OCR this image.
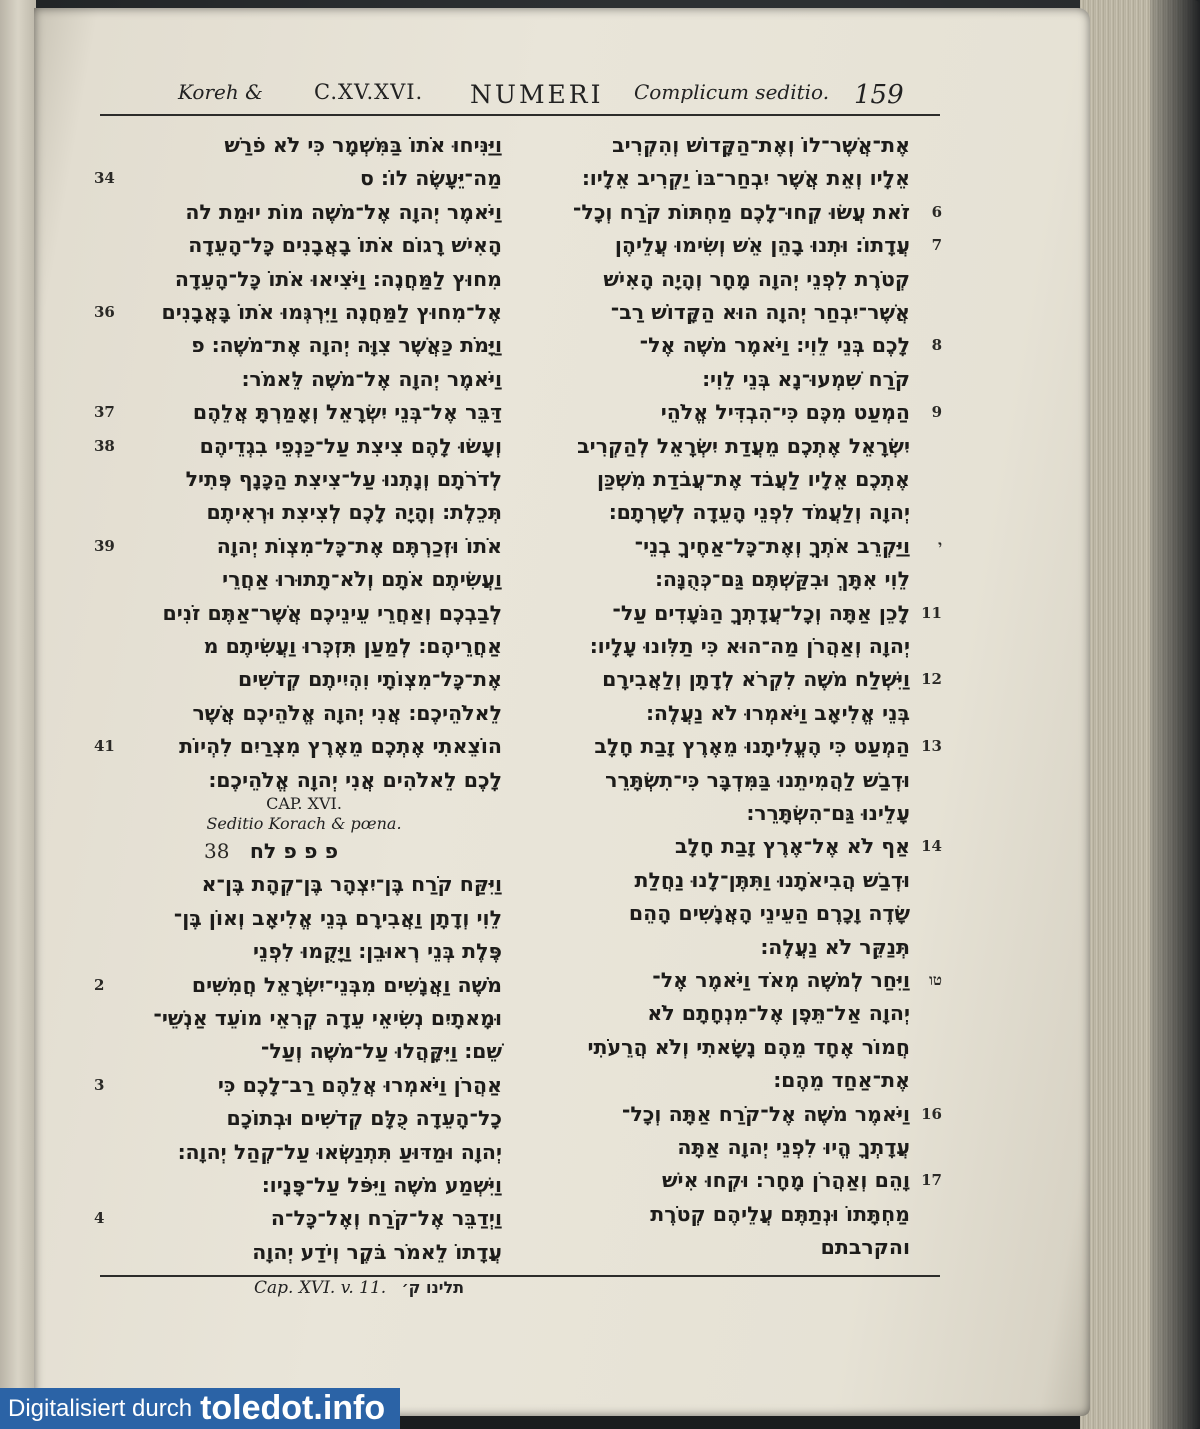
Koreh & C.XV.XVI. NUMERI Complicum seditio. 159
וַיַּנִּיחוּ אֹתוֹ בַּמִּשְׁמָר כִּי לֹא פֹרַשׁ
מַה־יֵּעָשֶׂה לוֹ׃ ס
34
וַיֹּאמֶר יְהוָה אֶל־מֹשֶׁה מוֹת יוּמַת לה
הָאִישׁ רָגוֹם אֹתוֹ בָאֲבָנִים כָּל־הָעֵדָה
מִחוּץ לַמַּחֲנֶה׃ וַיֹּצִיאוּ אֹתוֹ כָּל־הָעֵדָה
אֶל־מִחוּץ לַמַּחֲנֶה וַיִּרְגְּמוּ אֹתוֹ בָּאֲבָנִים
36
וַיָּמֹת כַּאֲשֶׁר צִוָּה יְהוָה אֶת־מֹשֶׁה׃ פ
וַיֹּאמֶר יְהוָה אֶל־מֹשֶׁה לֵּאמֹר׃
דַּבֵּר אֶל־בְּנֵי יִשְׂרָאֵל וְאָמַרְתָּ אֲלֵהֶם
37
וְעָשׂוּ לָהֶם צִיצִת עַל־כַּנְפֵי בִגְדֵיהֶם
38
לְדֹרֹתָם וְנָתְנוּ עַל־צִיצִת הַכָּנָף פְּתִיל
תְּכֵלֶת׃ וְהָיָה לָכֶם לְצִיצִת וּרְאִיתֶם
אֹתוֹ וּזְכַרְתֶּם אֶת־כָּל־מִצְוֹת יְהוָה
39
וַעֲשִׂיתֶם אֹתָם וְלֹא־תָתוּרוּ אַחֲרֵי
לְבַבְכֶם וְאַחֲרֵי עֵינֵיכֶם אֲשֶׁר־אַתֶּם זֹנִים
אַחֲרֵיהֶם׃ לְמַעַן תִּזְכְּרוּ וַעֲשִׂיתֶם מ
אֶת־כָּל־מִצְוֹתָי וִהְיִיתֶם קְדֹשִׁים
לֵאלֹהֵיכֶם׃ אֲנִי יְהוָה אֱלֹהֵיכֶם אֲשֶׁר
הוֹצֵאתִי אֶתְכֶם מֵאֶרֶץ מִצְרַיִם לִהְיוֹת
41
לָכֶם לֵאלֹהִים אֲנִי יְהוָה אֱלֹהֵיכֶם׃
CAP. XVI.
Seditio Korach & pœna.
פ פ פ לח
38
וַיִּקַּח קֹרַח בֶּן־יִצְהָר בֶּן־קְהָת בֶּן־א
לֵוִי וְדָתָן וַאֲבִירָם בְּנֵי אֱלִיאָב וְאוֹן בֶּן־
פֶּלֶת בְּנֵי רְאוּבֵן׃ וַיָּקֻמוּ לִפְנֵי
מֹשֶׁה וַאֲנָשִׁים מִבְּנֵי־יִשְׂרָאֵל חֲמִשִּׁים
2
וּמָאתָיִם נְשִׂיאֵי עֵדָה קְרִאֵי מוֹעֵד אַנְשֵׁי־
שֵׁם׃ וַיִּקָּהֲלוּ עַל־מֹשֶׁה וְעַל־
אַהֲרֹן וַיֹּאמְרוּ אֲלֵהֶם רַב־לָכֶם כִּי
3
כָל־הָעֵדָה כֻּלָּם קְדֹשִׁים וּבְתוֹכָם
יְהוָה וּמַדּוּעַ תִּתְנַשְּׂאוּ עַל־קְהַל יְהוָה׃
וַיִּשְׁמַע מֹשֶׁה וַיִּפֹּל עַל־פָּנָיו׃
וַיְדַבֵּר אֶל־קֹרַח וְאֶל־כָּל־ה
4
עֲדָתוֹ לֵאמֹר בֹּקֶר וְיֹדַע יְהוָה
אֶת־אֲשֶׁר־לוֹ וְאֶת־הַקָּדוֹשׁ וְהִקְרִיב
אֵלָיו וְאֵת אֲשֶׁר יִבְחַר־בּוֹ יַקְרִיב אֵלָיו׃
זֹאת עֲשׂוּ קְחוּ־לָכֶם מַחְתּוֹת קֹרַח וְכָל־ 6
עֲדָתוֹ׃ וּתְנוּ בָהֵן אֵשׁ וְשִׂימוּ עֲלֵיהֶן 7
קְטֹרֶת לִפְנֵי יְהוָה מָחָר וְהָיָה הָאִישׁ
אֲשֶׁר־יִבְחַר יְהוָה הוּא הַקָּדוֹשׁ רַב־
לָכֶם בְּנֵי לֵוִי׃ וַיֹּאמֶר מֹשֶׁה אֶל־ 8
קֹרַח שִׁמְעוּ־נָא בְּנֵי לֵוִי׃
הַמְעַט מִכֶּם כִּי־הִבְדִּיל אֱלֹהֵי 9
יִשְׂרָאֵל אֶתְכֶם מֵעֲדַת יִשְׂרָאֵל לְהַקְרִיב
אֶתְכֶם אֵלָיו לַעֲבֹד אֶת־עֲבֹדַת מִשְׁכַּן
יְהוָה וְלַעֲמֹד לִפְנֵי הָעֵדָה לְשָׁרְתָם׃
וַיַּקְרֵב אֹתְךָ וְאֶת־כָּל־אַחֶיךָ בְנֵי־ י
לֵוִי אִתָּךְ וּבִקַּשְׁתֶּם גַּם־כְּהֻנָּה׃
לָכֵן אַתָּה וְכָל־עֲדָתְךָ הַנֹּעָדִים עַל־ 11
יְהוָה וְאַהֲרֹן מַה־הוּא כִּי תַלִּונוּ עָלָיו׃
וַיִּשְׁלַח מֹשֶׁה לִקְרֹא לְדָתָן וְלַאֲבִירָם 12
בְּנֵי אֱלִיאָב וַיֹּאמְרוּ לֹא נַעֲלֶה׃
הַמְעַט כִּי הֶעֱלִיתָנוּ מֵאֶרֶץ זָבַת חָלָב 13
וּדְבַשׁ לַהֲמִיתֵנוּ בַּמִּדְבָּר כִּי־תִשְׂתָּרֵר
עָלֵינוּ גַּם־הִשְׂתָּרֵר׃
אַף לֹא אֶל־אֶרֶץ זָבַת חָלָב 14
וּדְבַשׁ הֲבִיאֹתָנוּ וַתִּתֶּן־לָנוּ נַחֲלַת
שָׂדֶה וָכָרֶם הַעֵינֵי הָאֲנָשִׁים הָהֵם
תְּנַקֵּר לֹא נַעֲלֶה׃
וַיִּחַר לְמֹשֶׁה מְאֹד וַיֹּאמֶר אֶל־ טו
יְהוָה אַל־תֵּפֶן אֶל־מִנְחָתָם לֹא
חֲמוֹר אֶחָד מֵהֶם נָשָׂאתִי וְלֹא הֲרֵעֹתִי
אֶת־אַחַד מֵהֶם׃
וַיֹּאמֶר מֹשֶׁה אֶל־קֹרַח אַתָּה וְכָל־ 16
עֲדָתְךָ הֱיוּ לִפְנֵי יְהוָה אַתָּה
וָהֵם וְאַהֲרֹן מָחָר׃ וּקְחוּ אִישׁ 17
מַחְתָּתוֹ וּנְתַתֶּם עֲלֵיהֶם קְטֹרֶת
והקרבתם
Cap. XVI. v. 11. תלינו ק׳
Digitalisiert durch toledot.info
